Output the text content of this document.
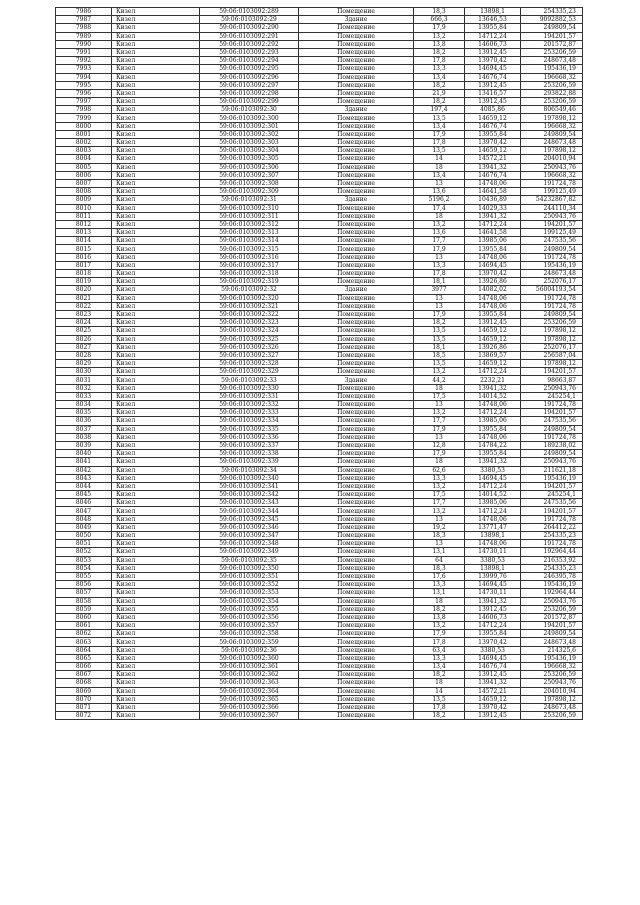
7986	Кизел	59:06:0103092:289	Помещение	18,3	13898,1	254335,23
7987	Кизел	59:06:0103092:29	Здание	666,3	13646,53	9092882,53
7988	Кизел	59:06:0103092:290	Помещение	17,9	13955,84	249809,54
7989	Кизел	59:06:0103092:291	Помещение	13,2	14712,24	194201,57
7990	Кизел	59:06:0103092:292	Помещение	13,8	14606,73	201572,87
7991	Кизел	59:06:0103092:293	Помещение	18,2	13912,45	253206,59
7992	Кизел	59:06:0103092:294	Помещение	17,8	13970,42	248673,48
7993	Кизел	59:06:0103092:295	Помещение	13,3	14694,45	195436,19
7994	Кизел	59:06:0103092:296	Помещение	13,4	14676,74	196668,32
7995	Кизел	59:06:0103092:297	Помещение	18,2	13912,45	253206,59
7996	Кизел	59:06:0103092:298	Помещение	21,9	13416,57	293822,88
7997	Кизел	59:06:0103092:299	Помещение	18,2	13912,45	253206,59
7998	Кизел	59:06:0103092:30	Здание	197,4	4085,86	806549,46
7999	Кизел	59:06:0103092:300	Помещение	13,5	14659,12	197898,12
8000	Кизел	59:06:0103092:301	Помещение	13,4	14676,74	196668,32
8001	Кизел	59:06:0103092:302	Помещение	17,9	13955,84	249809,54
8002	Кизел	59:06:0103092:303	Помещение	17,8	13970,42	248673,48
8003	Кизел	59:06:0103092:304	Помещение	13,5	14659,12	197898,12
8004	Кизел	59:06:0103092:305	Помещение	14	14572,21	204010,94
8005	Кизел	59:06:0103092:306	Помещение	18	13941,32	250943,76
8006	Кизел	59:06:0103092:307	Помещение	13,4	14676,74	196668,32
8007	Кизел	59:06:0103092:308	Помещение	13	14748,06	191724,78
8008	Кизел	59:06:0103092:309	Помещение	13,6	14641,58	199125,49
8009	Кизел	59:06:0103092:31	Здание	5196,2	10436,89	54232867,82
8010	Кизел	59:06:0103092:310	Помещение	17,4	14029,33	244110,34
8011	Кизел	59:06:0103092:311	Помещение	18	13941,32	250943,76
8012	Кизел	59:06:0103092:312	Помещение	13,2	14712,24	194201,57
8013	Кизел	59:06:0103092:313	Помещение	13,6	14641,58	199125,49
8014	Кизел	59:06:0103092:314	Помещение	17,7	13985,06	247535,56
8015	Кизел	59:06:0103092:315	Помещение	17,9	13955,84	249809,54
8016	Кизел	59:06:0103092:316	Помещение	13	14748,06	191724,78
8017	Кизел	59:06:0103092:317	Помещение	13,3	14694,45	195436,19
8018	Кизел	59:06:0103092:318	Помещение	17,8	13970,42	248673,48
8019	Кизел	59:06:0103092:319	Помещение	18,1	13926,86	252076,17
8020	Кизел	59:06:0103092:32	Здание	3977	14082,02	56004193,54
8021	Кизел	59:06:0103092:320	Помещение	13	14748,06	191724,78
8022	Кизел	59:06:0103092:321	Помещение	13	14748,06	191724,78
8023	Кизел	59:06:0103092:322	Помещение	17,9	13955,84	249809,54
8024	Кизел	59:06:0103092:323	Помещение	18,2	13912,45	253206,59
8025	Кизел	59:06:0103092:324	Помещение	13,5	14659,12	197898,12
8026	Кизел	59:06:0103092:325	Помещение	13,5	14659,12	197898,12
8027	Кизел	59:06:0103092:326	Помещение	18,1	13926,86	252076,17
8028	Кизел	59:06:0103092:327	Помещение	18,5	13869,57	256587,04
8029	Кизел	59:06:0103092:328	Помещение	13,5	14659,12	197898,12
8030	Кизел	59:06:0103092:329	Помещение	13,2	14712,24	194201,57
8031	Кизел	59:06:0103092:33	Здание	44,2	2232,21	98663,87
8032	Кизел	59:06:0103092:330	Помещение	18	13941,32	250943,76
8033	Кизел	59:06:0103092:331	Помещение	17,5	14014,52	245254,1
8034	Кизел	59:06:0103092:332	Помещение	13	14748,06	191724,78
8035	Кизел	59:06:0103092:333	Помещение	13,2	14712,24	194201,57
8036	Кизел	59:06:0103092:334	Помещение	17,7	13985,06	247535,56
8037	Кизел	59:06:0103092:335	Помещение	17,9	13955,84	249809,54
8038	Кизел	59:06:0103092:336	Помещение	13	14748,06	191724,78
8039	Кизел	59:06:0103092:337	Помещение	12,8	14784,22	189238,02
8040	Кизел	59:06:0103092:338	Помещение	17,9	13955,84	249809,54
8041	Кизел	59:06:0103092:339	Помещение	18	13941,32	250943,76
8042	Кизел	59:06:0103092:34	Помещение	62,6	3380,53	211621,18
8043	Кизел	59:06:0103092:340	Помещение	13,3	14694,45	195436,19
8044	Кизел	59:06:0103092:341	Помещение	13,2	14712,24	194201,57
8045	Кизел	59:06:0103092:342	Помещение	17,5	14014,52	245254,1
8046	Кизел	59:06:0103092:343	Помещение	17,7	13985,06	247535,56
8047	Кизел	59:06:0103092:344	Помещение	13,2	14712,24	194201,57
8048	Кизел	59:06:0103092:345	Помещение	13	14748,06	191724,78
8049	Кизел	59:06:0103092:346	Помещение	19,2	13771,47	264412,22
8050	Кизел	59:06:0103092:347	Помещение	18,3	13898,1	254335,23
8051	Кизел	59:06:0103092:348	Помещение	13	14748,06	191724,78
8052	Кизел	59:06:0103092:349	Помещение	13,1	14730,11	192964,44
8053	Кизел	59:06:0103092:35	Помещение	64	3380,53	216353,92
8054	Кизел	59:06:0103092:350	Помещение	18,3	13898,1	254335,23
8055	Кизел	59:06:0103092:351	Помещение	17,6	13999,76	246395,78
8056	Кизел	59:06:0103092:352	Помещение	13,3	14694,45	195436,19
8057	Кизел	59:06:0103092:353	Помещение	13,1	14730,11	192964,44
8058	Кизел	59:06:0103092:354	Помещение	18	13941,32	250943,76
8059	Кизел	59:06:0103092:355	Помещение	18,2	13912,45	253206,59
8060	Кизел	59:06:0103092:356	Помещение	13,8	14606,73	201572,87
8061	Кизел	59:06:0103092:357	Помещение	13,2	14712,24	194201,57
8062	Кизел	59:06:0103092:358	Помещение	17,9	13955,84	249809,54
8063	Кизел	59:06:0103092:359	Помещение	17,8	13970,42	248673,48
8064	Кизел	59:06:0103092:36	Помещение	63,4	3380,53	214325,6
8065	Кизел	59:06:0103092:360	Помещение	13,3	14694,45	195436,19
8066	Кизел	59:06:0103092:361	Помещение	13,4	14676,74	196668,32
8067	Кизел	59:06:0103092:362	Помещение	18,2	13912,45	253206,59
8068	Кизел	59:06:0103092:363	Помещение	18	13941,32	250943,76
8069	Кизел	59:06:0103092:364	Помещение	14	14572,21	204010,94
8070	Кизел	59:06:0103092:365	Помещение	13,5	14659,12	197898,12
8071	Кизел	59:06:0103092:366	Помещение	17,8	13970,42	248673,48
8072	Кизел	59:06:0103092:367	Помещение	18,2	13912,45	253206,59
